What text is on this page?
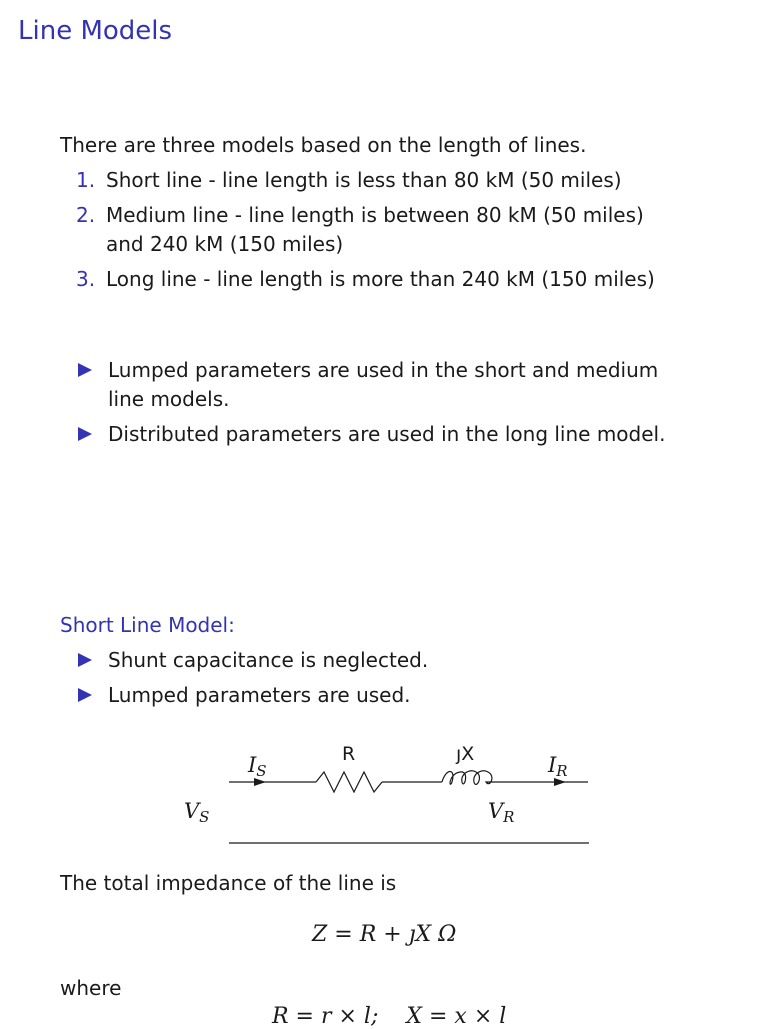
Line Models
There are three models based on the length of lines.
1. Short line - line length is less than 80 kM (50 miles)
2. Medium line - line length is between 80 kM (50 miles) and 240 kM (150 miles)
3. Long line - line length is more than 240 kM (150 miles)
Lumped parameters are used in the short and medium line models.
Distributed parameters are used in the long line model.
Short Line Model:
Shunt capacitance is neglected.
Lumped parameters are used.
IS
R	ȷX	IR
VS	VR
The total impedance of the line is
Z = R + ȷX Ω
where
R = r × l;    X = x × l
